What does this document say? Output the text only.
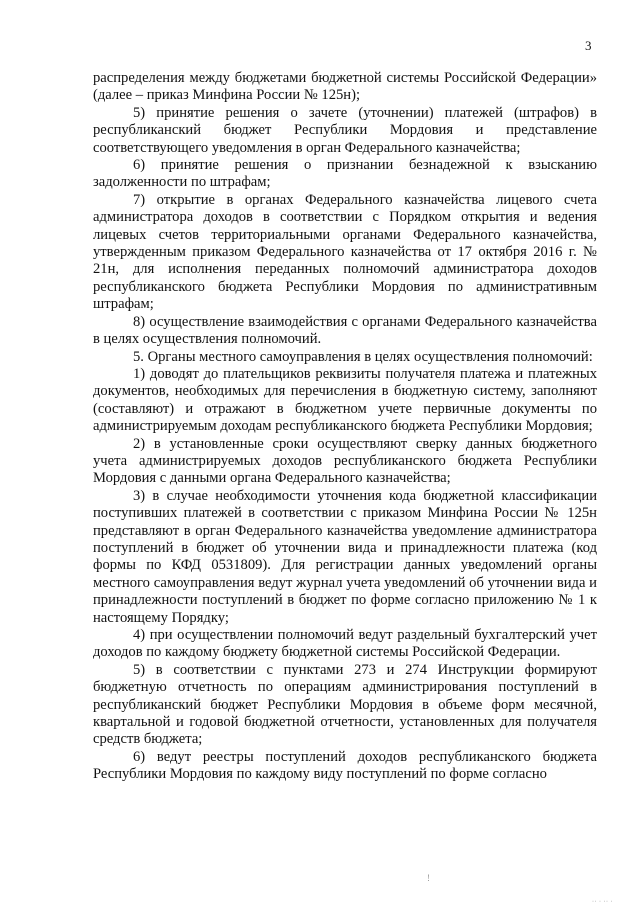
3

распределения между бюджетами бюджетной системы Российской Федерации» (далее – приказ Минфина России № 125н);

5) принятие решения о зачете (уточнении) платежей (штрафов) в республиканский бюджет Республики Мордовия и представление соответствующего уведомления в орган Федерального казначейства;

6) принятие решения о признании безнадежной к взысканию задолженности по штрафам;

7) открытие в органах Федерального казначейства лицевого счета администратора доходов в соответствии с Порядком открытия и ведения лицевых счетов территориальными органами Федерального казначейства, утвержденным приказом Федерального казначейства от 17 октября 2016 г. № 21н, для исполнения переданных полномочий администратора доходов республиканского бюджета Республики Мордовия по административным штрафам;

8) осуществление взаимодействия с органами Федерального казначейства в целях осуществления полномочий.

5. Органы местного самоуправления в целях осуществления полномочий:

1) доводят до плательщиков реквизиты получателя платежа и платежных документов, необходимых для перечисления в бюджетную систему, заполняют (составляют) и отражают в бюджетном учете первичные документы по администрируемым доходам республиканского бюджета Республики Мордовия;

2) в установленные сроки осуществляют сверку данных бюджетного учета администрируемых доходов республиканского бюджета Республики Мордовия с данными органа Федерального казначейства;

3) в случае необходимости уточнения кода бюджетной классификации поступивших платежей в соответствии с приказом Минфина России № 125н представляют в орган Федерального казначейства уведомление администратора поступлений в бюджет об уточнении вида и принадлежности платежа (код формы по КФД 0531809). Для регистрации данных уведомлений органы местного самоуправления ведут журнал учета уведомлений об уточнении вида и принадлежности поступлений в бюджет по форме согласно приложению № 1 к настоящему Порядку;

4) при осуществлении полномочий ведут раздельный бухгалтерский учет доходов по каждому бюджету бюджетной системы Российской Федерации.

5) в соответствии с пунктами 273 и 274 Инструкции формируют бюджетную отчетность по операциям администрирования поступлений в республиканский бюджет Республики Мордовия в объеме форм месячной, квартальной и годовой бюджетной отчетности, установленных для получателя средств бюджета;

6) ведут реестры поступлений доходов республиканского бюджета Республики Мордовия по каждому виду поступлений по форме согласно

!
·· · ·· ·
